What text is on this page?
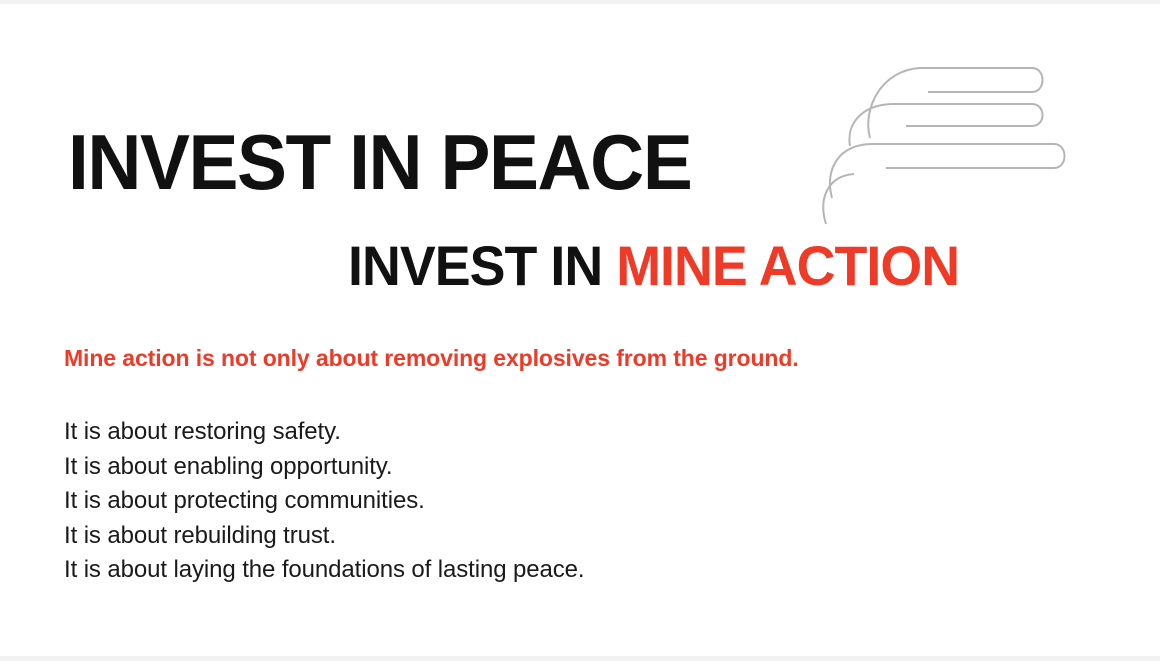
INVEST IN PEACE
INVEST IN MINE ACTION
Mine action is not only about removing explosives from the ground.
It is about restoring safety.
It is about enabling opportunity.
It is about protecting communities.
It is about rebuilding trust.
It is about laying the foundations of lasting peace.
